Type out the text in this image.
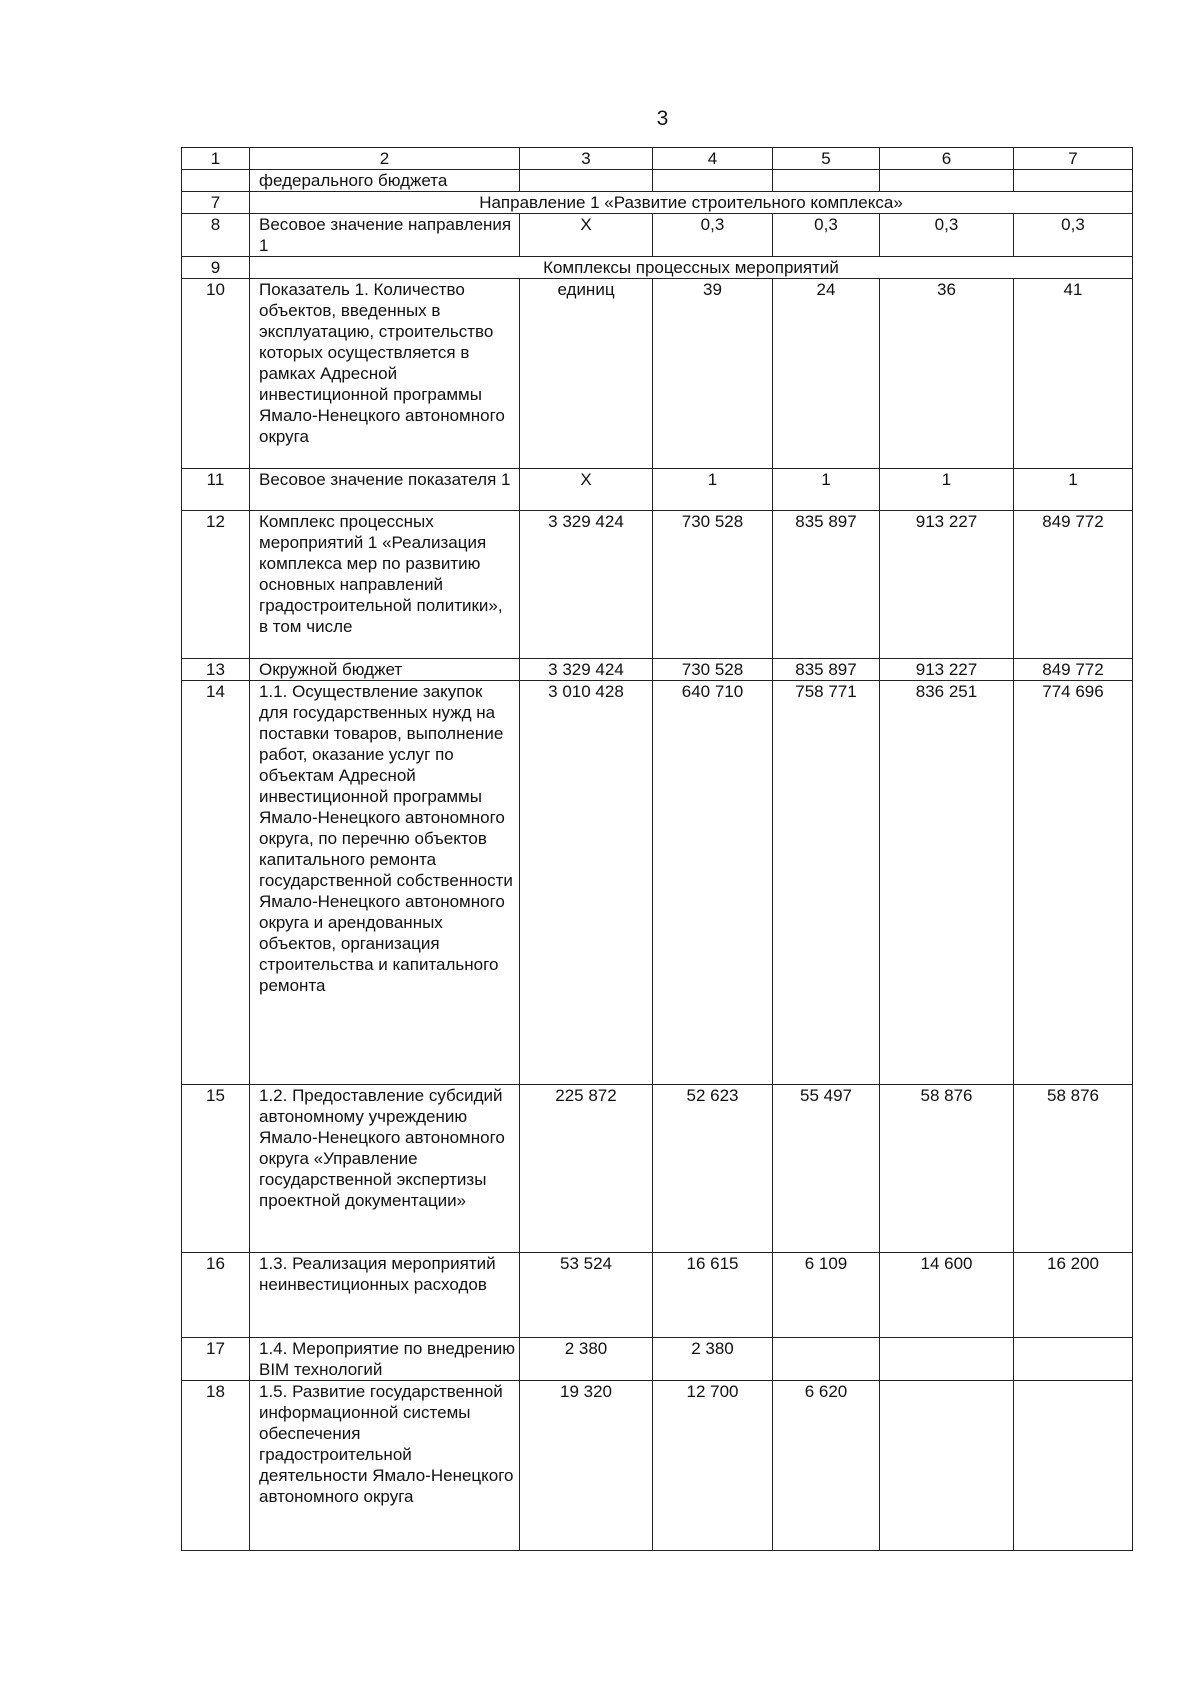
3
1	2	3	4	5	6	7
	федерального бюджета					
7	Направление 1 «Развитие строительного комплекса»					
8	Весовое значение направления 1	Х	0,3	0,3	0,3	0,3
9	Комплексы процессных мероприятий					
10	Показатель 1. Количество объектов, введенных в эксплуатацию, строительство которых осуществляется в рамках Адресной инвестиционной программы Ямало-Ненецкого автономного округа	единиц	39	24	36	41
11	Весовое значение показателя 1	Х	1	1	1	1
12	Комплекс процессных мероприятий 1 «Реализация комплекса мер по развитию основных направлений градостроительной политики», в том числе	3 329 424	730 528	835 897	913 227	849 772
13	Окружной бюджет	3 329 424	730 528	835 897	913 227	849 772
14	1.1. Осуществление закупок для государственных нужд на поставки товаров, выполнение работ, оказание услуг по объектам Адресной инвестиционной программы Ямало-Ненецкого автономного округа, по перечню объектов капитального ремонта государственной собственности Ямало-Ненецкого автономного округа и арендованных объектов, организация строительства и капитального ремонта	3 010 428	640 710	758 771	836 251	774 696
15	1.2. Предоставление субсидий автономному учреждению Ямало-Ненецкого автономного округа «Управление государственной экспертизы проектной документации»	225 872	52 623	55 497	58 876	58 876
16	1.3. Реализация мероприятий неинвестиционных расходов	53 524	16 615	6 109	14 600	16 200
17	1.4. Мероприятие по внедрению BIM технологий	2 380	2 380			
18	1.5. Развитие государственной информационной системы обеспечения градостроительной деятельности Ямало-Ненецкого автономного округа	19 320	12 700	6 620		
